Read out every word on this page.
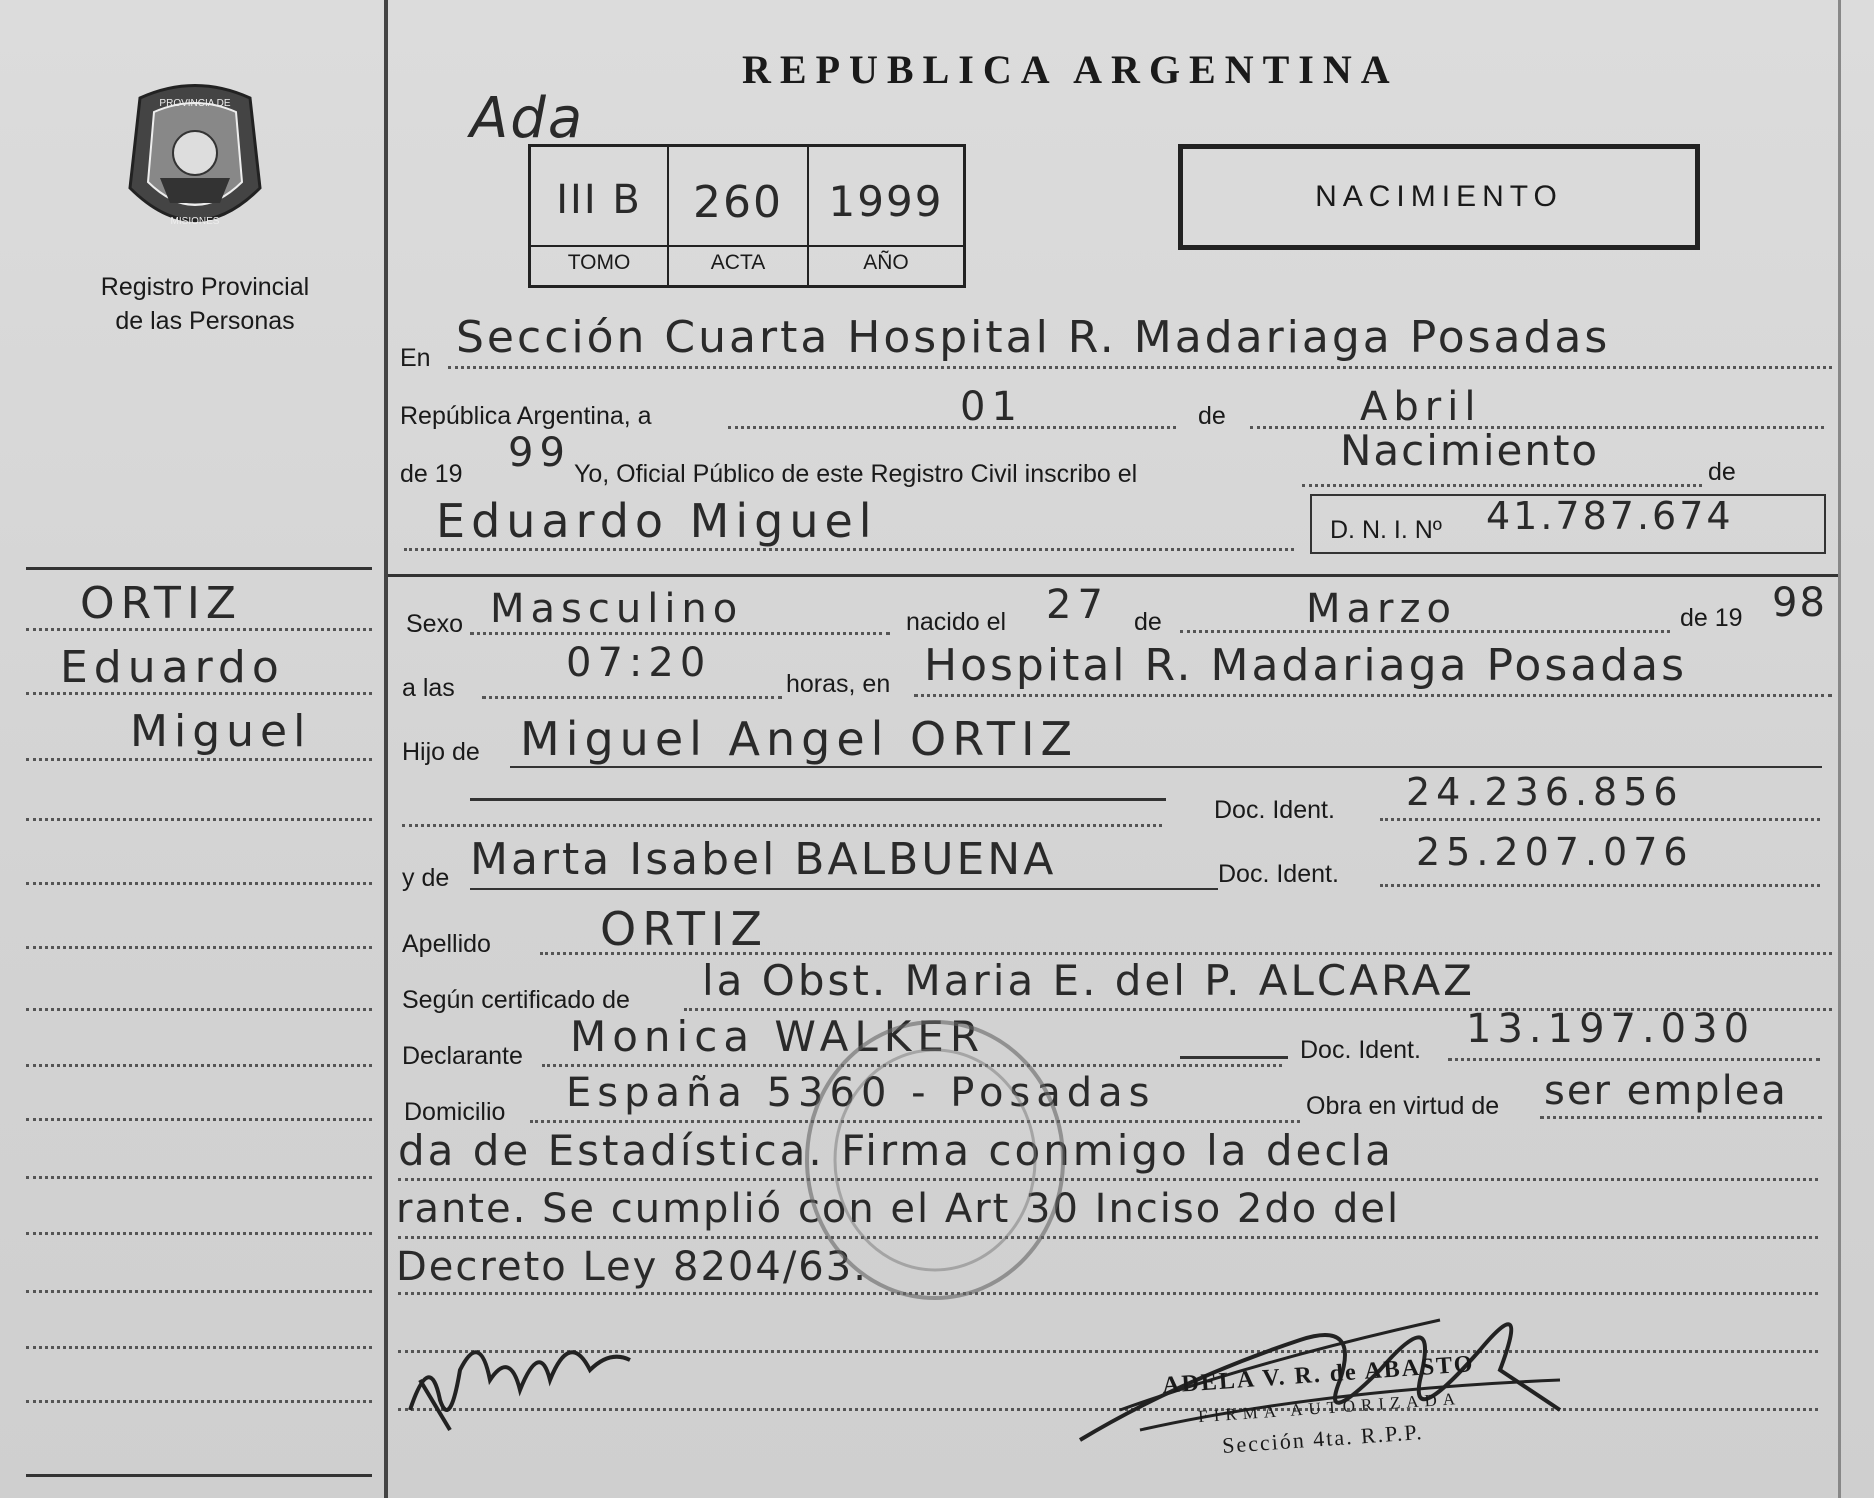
PROVINCIA DE
MISIONES
Registro Provincial
de las Personas
REPUBLICA ARGENTINA
Ada
III B	260	1999
TOMO	ACTA	AÑO
NACIMIENTO
ORTIZ
Eduardo
Miguel
En Sección Cuarta Hospital R. Madariaga Posadas
República Argentina, a	01	de	Abril
de 19 99 Yo, Oficial Público de este Registro Civil inscribo el	Nacimiento	de
Eduardo Miguel	D. N. I. Nº 41.787.674
Sexo Masculino	nacido el 27 de	Marzo	de 19 98
a las
07:20	horas, en Hospital R. Madariaga Posadas
Hijo de Miguel Angel ORTIZ
Doc. Ident. 24.236.856
y de Marta Isabel BALBUENA	Doc. Ident. 25.207.076
Apellido ORTIZ
Según certificado de la Obst. Maria E. del P. ALCARAZ
Declarante Monica WALKER	Doc. Ident. 13.197.030
Domicilio España 5360 - Posadas	Obra en virtud de ser emplea
da de Estadística. Firma conmigo la decla
rante. Se cumplió con el Art 30 Inciso 2do del
Decreto Ley 8204/63.
ADELA V. R. de ABASTO
FIRMA AUTORIZADA
Sección 4ta. R.P.P.
